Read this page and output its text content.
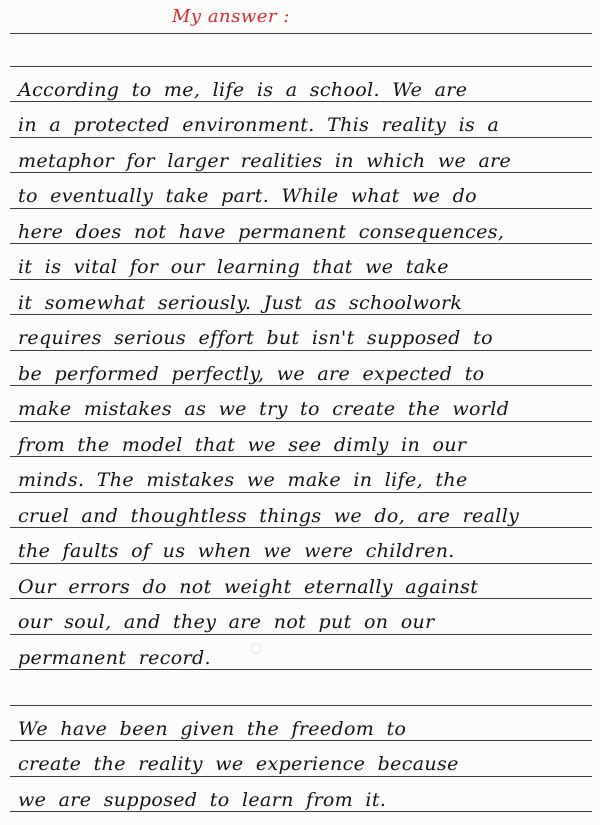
○
My answer :
According to me, life is a school. We are
in a protected environment. This reality is a
metaphor for larger realities in which we are
to eventually take part. While what we do
here does not have permanent consequences,
it is vital for our learning that we take
it somewhat seriously. Just as schoolwork
requires serious effort but isn't supposed to
be performed perfectly, we are expected to
make mistakes as we try to create the world
from the model that we see dimly in our
minds. The mistakes we make in life, the
cruel and thoughtless things we do, are really
the faults of us when we were children.
Our errors do not weight eternally against
our soul, and they are not put on our
permanent record.
We have been given the freedom to
create the reality we experience because
we are supposed to learn from it.
